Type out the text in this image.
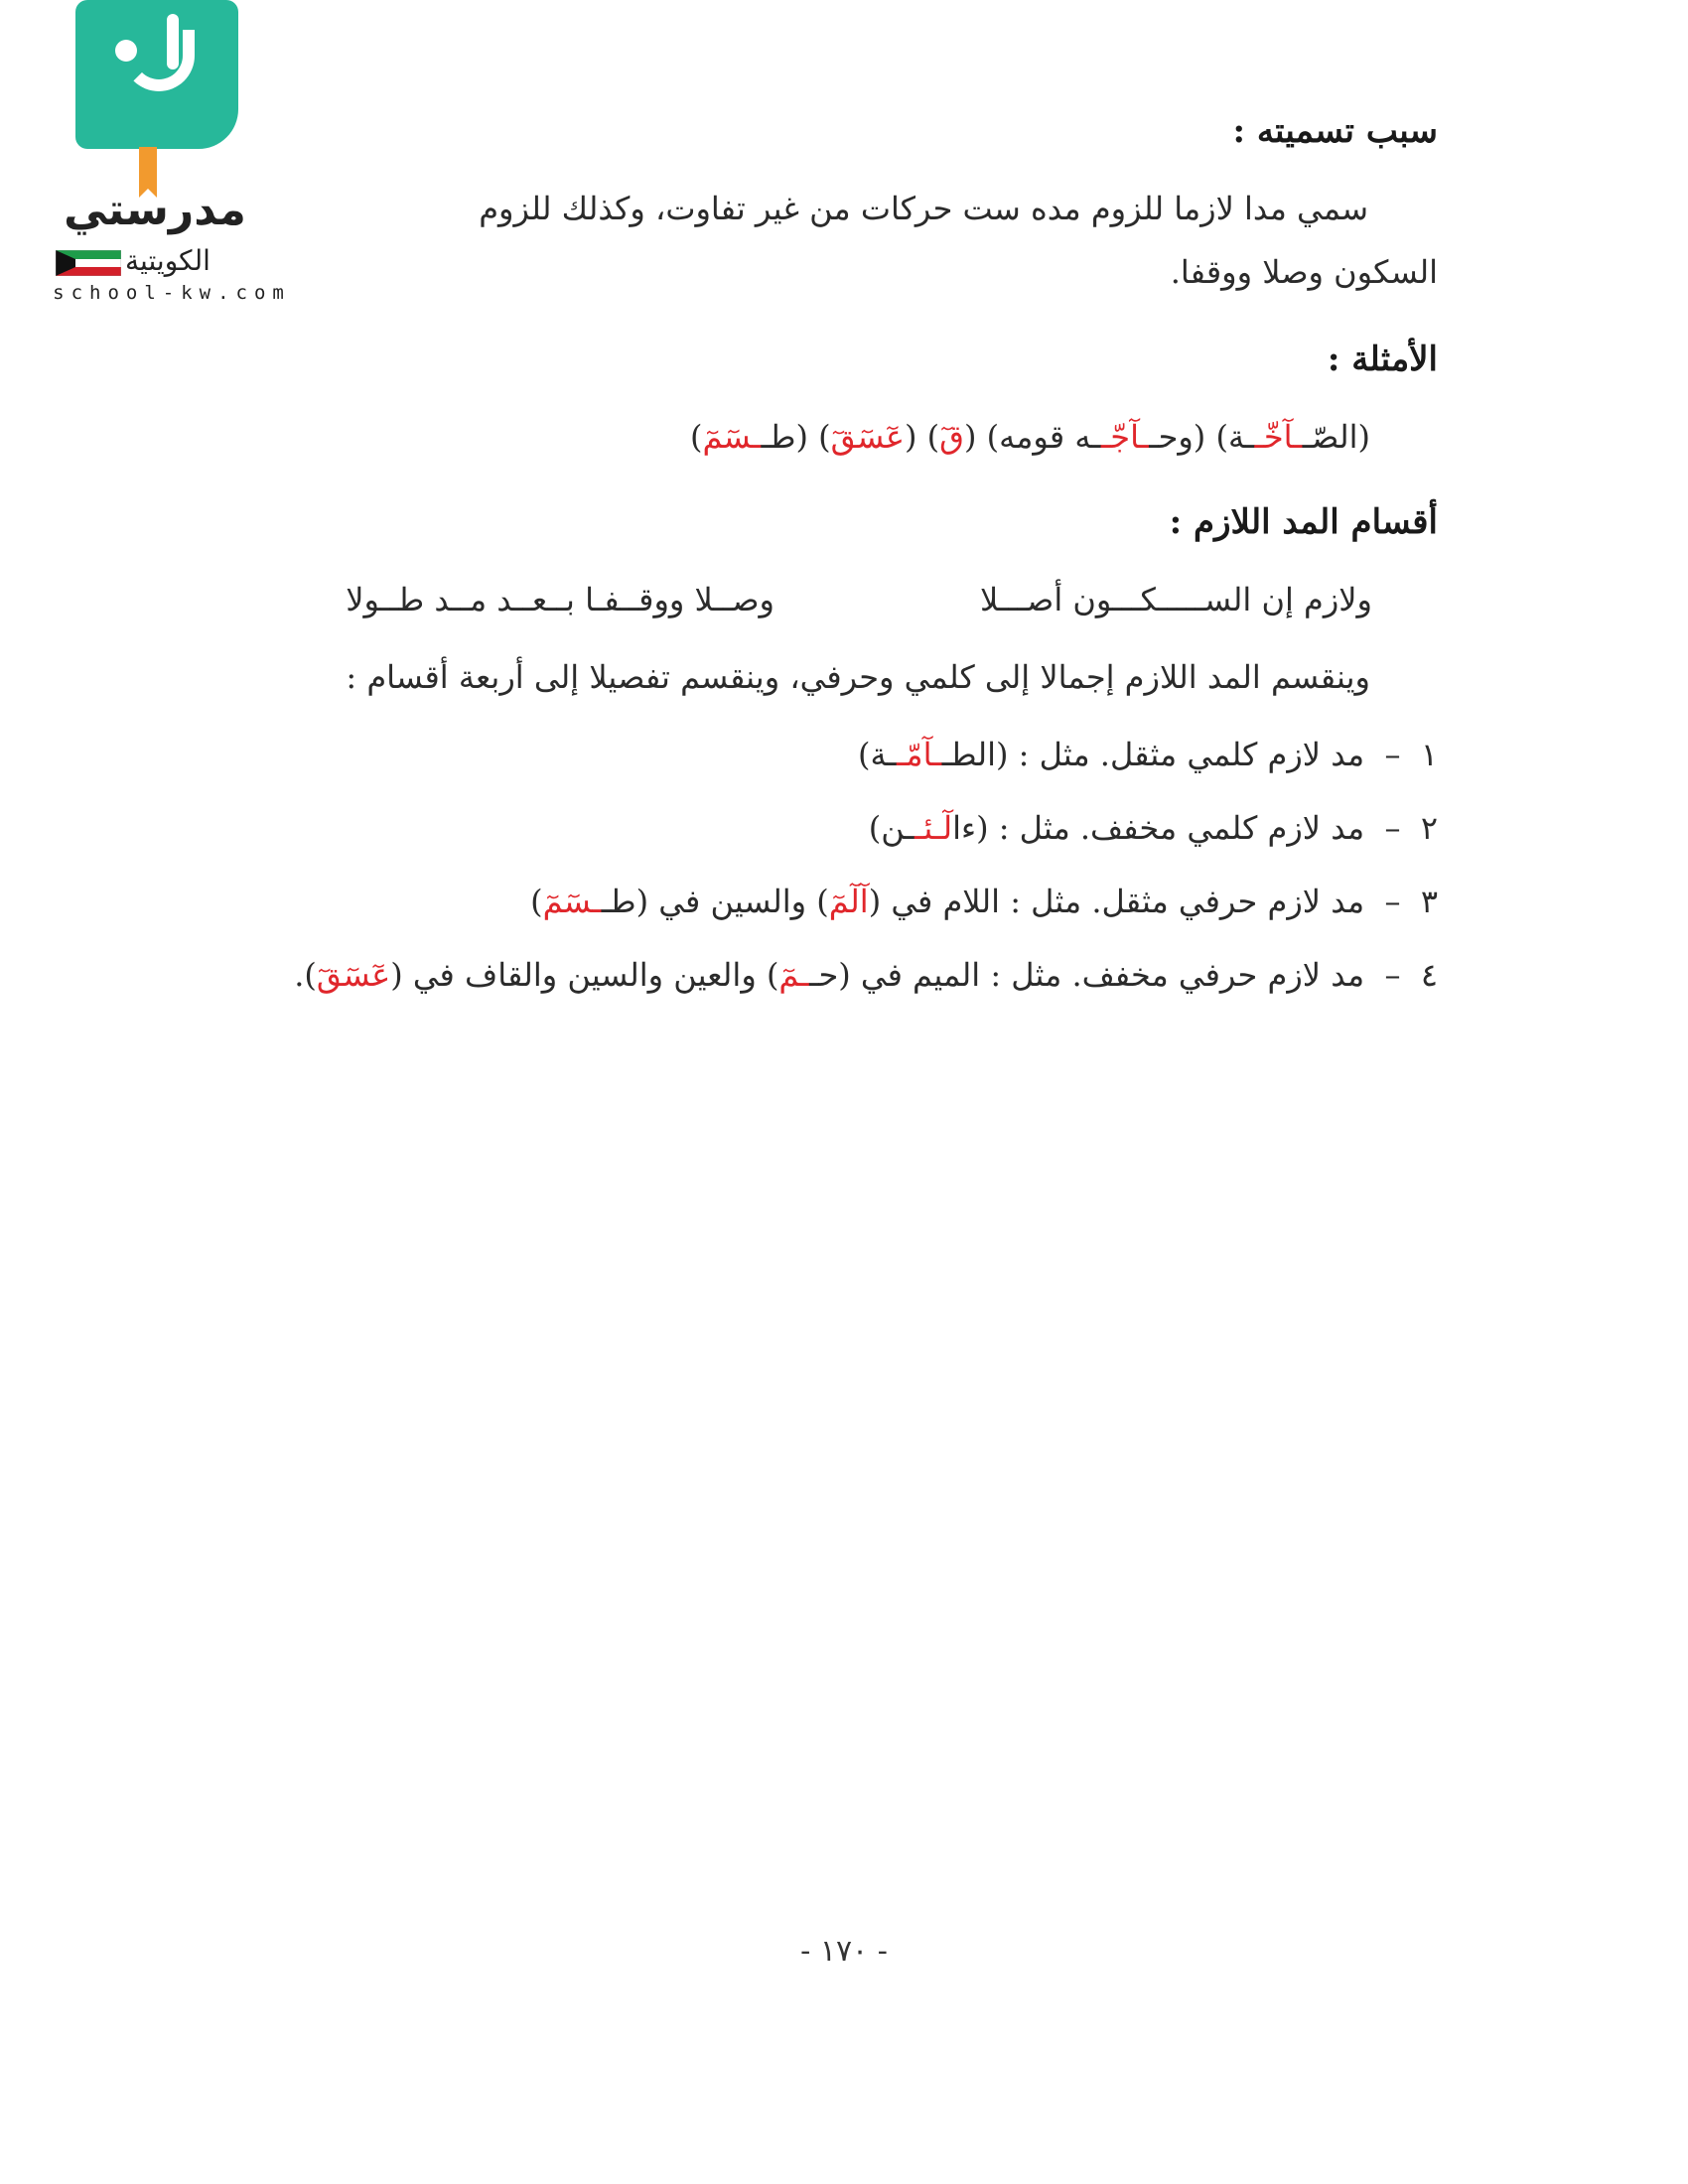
مدرستي
الكويتية
school-kw.com
سبب تسميته :
سمي مدا لازما للزوم مده ست حركات من غير تفاوت، وكذلك للزوم
السكون وصلا ووقفا.
الأمثلة :
(الصّــآخّــة) (وحــآجّــه قومه) (قٓ) (عٓسٓقٓ) (طــسٓمٓ)
أقسام المد اللازم :
ولازم إن الســـــكـــون أصـــلا
وصــلا ووقــفـا بــعــد مــد طــولا
وينقسم المد اللازم إجمالا إلى كلمي وحرفي، وينقسم تفصيلا إلى أربعة أقسام :
١  –  مد لازم كلمي مثقل. مثل : (الطــآمّــة)
٢  –  مد لازم كلمي مخفف. مثل : (ءالٓـئــن)
٣  –  مد لازم حرفي مثقل. مثل : اللام في (آلٓمٓ) والسين في (طــسٓمٓ)
٤  –  مد لازم حرفي مخفف. مثل : الميم في (حــمٓ) والعين والسين والقاف في (عٓسٓقٓ).
- ١٧٠ -
